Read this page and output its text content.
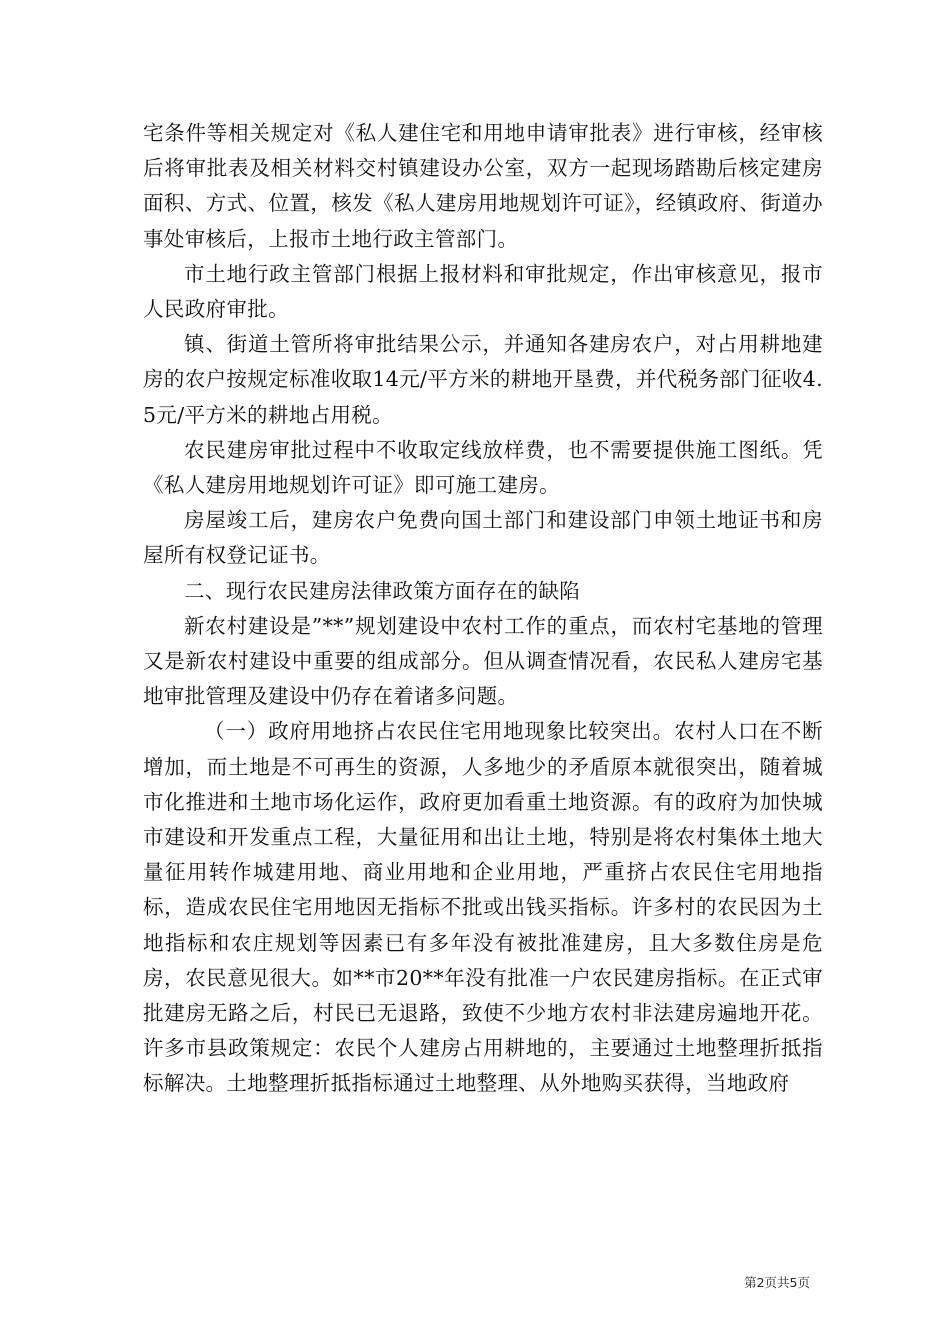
宅条件等相关规定对《私人建住宅和用地申请审批表》进行审核，经审核后将审批表及相关材料交村镇建设办公室，双方一起现场踏勘后核定建房面积、方式、位置，核发《私人建房用地规划许可证》，经镇政府、街道办事处审核后，上报市土地行政主管部门。

市土地行政主管部门根据上报材料和审批规定，作出审核意见，报市人民政府审批。

镇、街道土管所将审批结果公示，并通知各建房农户，对占用耕地建房的农户按规定标准收取14元/平方米的耕地开垦费，并代税务部门征收4.5元/平方米的耕地占用税。

农民建房审批过程中不收取定线放样费，也不需要提供施工图纸。凭《私人建房用地规划许可证》即可施工建房。

房屋竣工后，建房农户免费向国土部门和建设部门申领土地证书和房屋所有权登记证书。

二、现行农民建房法律政策方面存在的缺陷

新农村建设是”**”规划建设中农村工作的重点，而农村宅基地的管理又是新农村建设中重要的组成部分。但从调查情况看，农民私人建房宅基地审批管理及建设中仍存在着诸多问题。

（一）政府用地挤占农民住宅用地现象比较突出。农村人口在不断增加，而土地是不可再生的资源，人多地少的矛盾原本就很突出，随着城市化推进和土地市场化运作，政府更加看重土地资源。有的政府为加快城市建设和开发重点工程，大量征用和出让土地，特别是将农村集体土地大量征用转作城建用地、商业用地和企业用地，严重挤占农民住宅用地指标，造成农民住宅用地因无指标不批或出钱买指标。许多村的农民因为土地指标和农庄规划等因素已有多年没有被批准建房，且大多数住房是危房，农民意见很大。如**市20**年没有批准一户农民建房指标。在正式审批建房无路之后，村民已无退路，致使不少地方农村非法建房遍地开花。许多市县政策规定：农民个人建房占用耕地的，主要通过土地整理折抵指标解决。土地整理折抵指标通过土地整理、从外地购买获得，当地政府

第2页共5页
